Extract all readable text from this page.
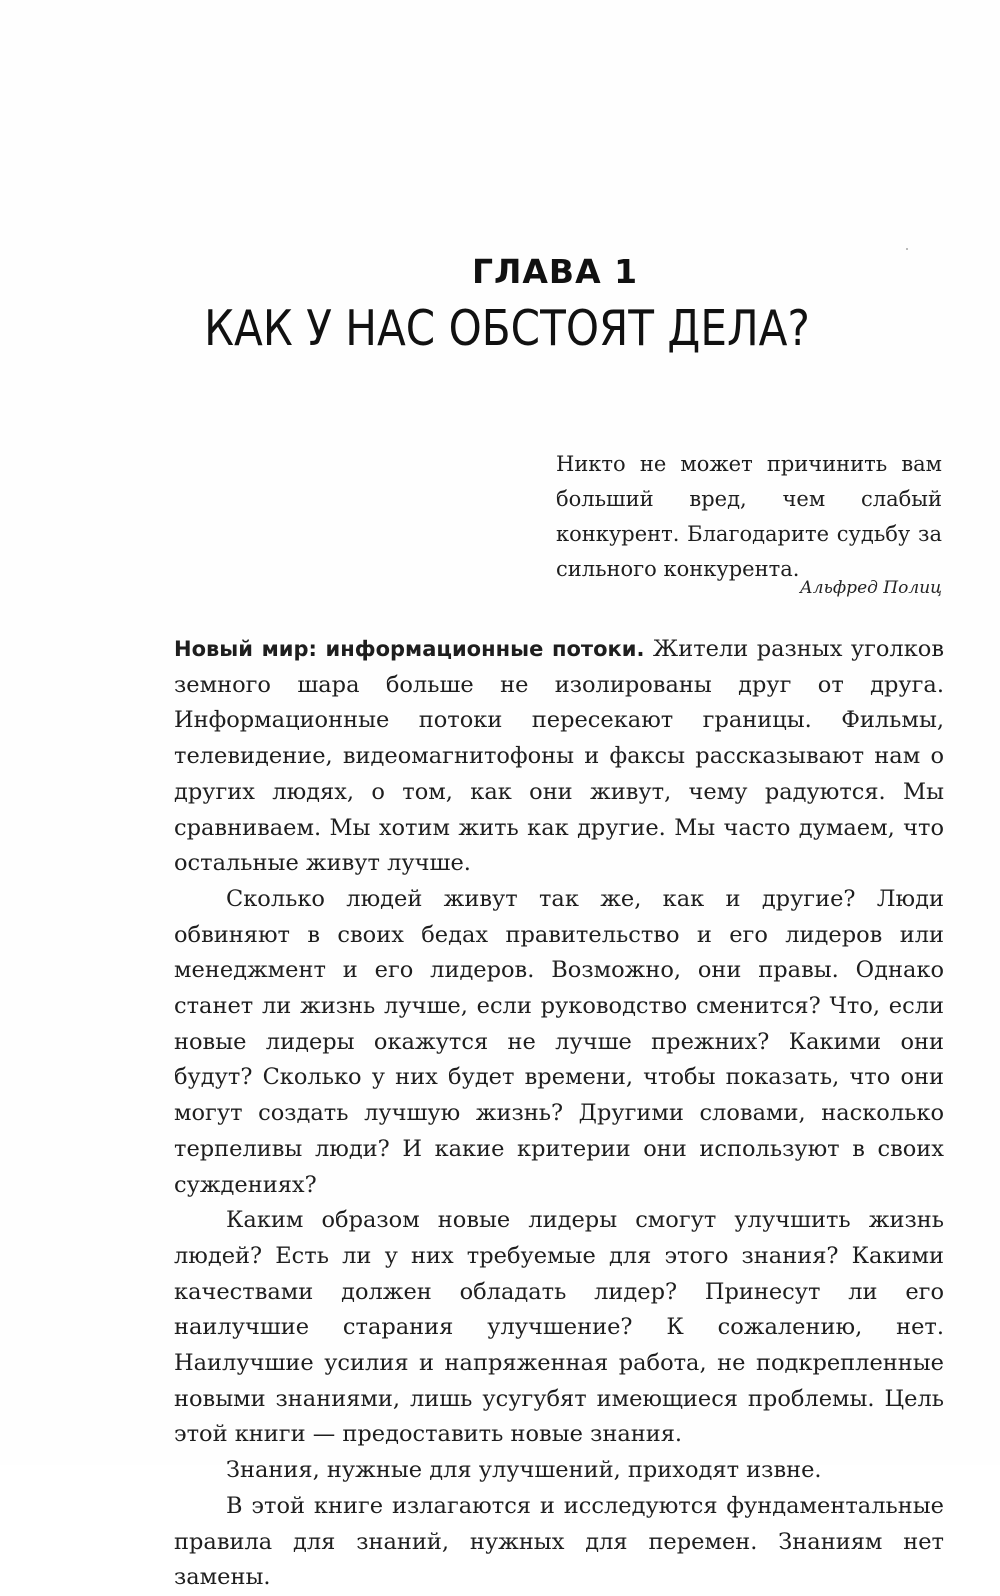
ГЛАВА 1
КАК У НАС ОБСТОЯТ ДЕЛА?
Никто не может причинить вам больший вред, чем слабый конкурент. Благодарите судьбу за сильного конкурента.
Альфред Полиц

Новый мир: информационные потоки. Жители разных уголков земного шара больше не изолированы друг от друга. Информационные потоки пересекают границы. Фильмы, телевидение, видеомагнитофоны и факсы рассказывают нам о других людях, о том, как они живут, чему радуются. Мы сравниваем. Мы хотим жить как другие. Мы часто думаем, что остальные живут лучше.

Сколько людей живут так же, как и другие? Люди обвиняют в своих бедах правительство и его лидеров или менеджмент и его лидеров. Возможно, они правы. Однако станет ли жизнь лучше, если руководство сменится? Что, если новые лидеры окажутся не лучше прежних? Какими они будут? Сколько у них будет времени, чтобы показать, что они могут создать лучшую жизнь? Другими словами, насколько терпеливы люди? И какие критерии они используют в своих суждениях?

Каким образом новые лидеры смогут улучшить жизнь людей? Есть ли у них требуемые для этого знания? Какими качествами должен обладать лидер? Принесут ли его наилучшие старания улучшение? К сожалению, нет. Наилучшие усилия и напряженная работа, не подкрепленные новыми знаниями, лишь усугубят имеющиеся проблемы. Цель этой книги — предоставить новые знания.

Знания, нужные для улучшений, приходят извне.

В этой книге излагаются и исследуются фундаментальные правила для знаний, нужных для перемен. Знаниям нет замены.
